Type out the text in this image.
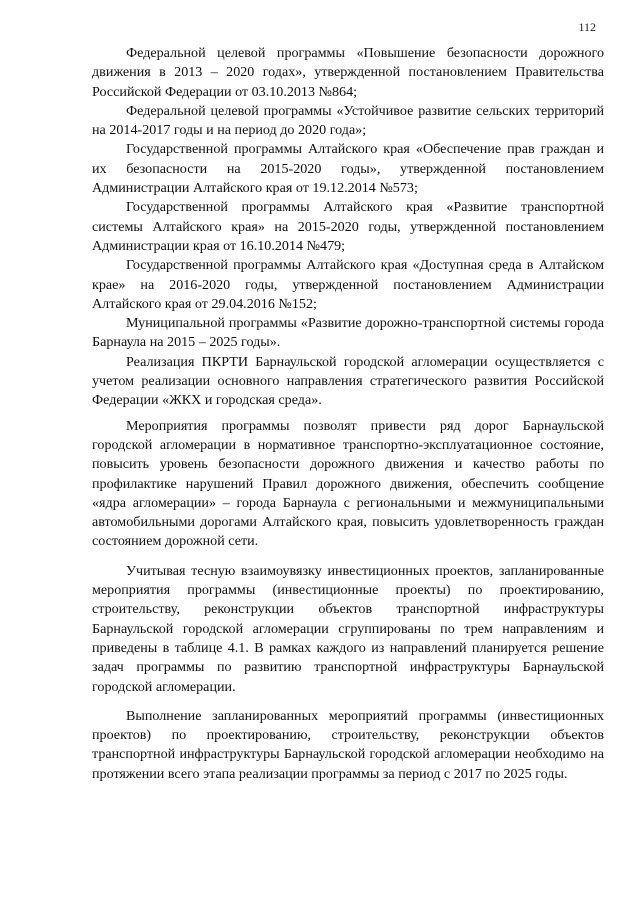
112

Федеральной целевой программы «Повышение безопасности дорожного движения в 2013 – 2020 годах», утвержденной постановлением Правительства Российской Федерации от 03.10.2013 №864;

Федеральной целевой программы «Устойчивое развитие сельских территорий на 2014-2017 годы и на период до 2020 года»;

Государственной программы Алтайского края «Обеспечение прав граждан и их безопасности на 2015-2020 годы», утвержденной постановлением Администрации Алтайского края от 19.12.2014 №573;

Государственной программы Алтайского края «Развитие транспортной системы Алтайского края» на 2015-2020 годы, утвержденной постановлением Администрации края от 16.10.2014 №479;

Государственной программы Алтайского края «Доступная среда в Алтайском крае» на 2016-2020 годы, утвержденной постановлением Администрации Алтайского края от 29.04.2016 №152;

Муниципальной программы «Развитие дорожно-транспортной системы города Барнаула на 2015 – 2025 годы».

Реализация ПКРТИ Барнаульской городской агломерации осуществляется с учетом реализации основного направления стратегического развития Российской Федерации «ЖКХ и городская среда».

Мероприятия программы позволят привести ряд дорог Барнаульской городской агломерации в нормативное транспортно-эксплуатационное состояние, повысить уровень безопасности дорожного движения и качество работы по профилактике нарушений Правил дорожного движения, обеспечить сообщение «ядра агломерации» – города Барнаула с региональными и межмуниципальными автомобильными дорогами Алтайского края, повысить удовлетворенность граждан состоянием дорожной сети.

Учитывая тесную взаимоувязку инвестиционных проектов, запланированные мероприятия программы (инвестиционные проекты) по проектированию, строительству, реконструкции объектов транспортной инфраструктуры Барнаульской городской агломерации сгруппированы по трем направлениям и приведены в таблице 4.1. В рамках каждого из направлений планируется решение задач программы по развитию транспортной инфраструктуры Барнаульской городской агломерации.

Выполнение запланированных мероприятий программы (инвестиционных проектов) по проектированию, строительству, реконструкции объектов транспортной инфраструктуры Барнаульской городской агломерации необходимо на протяжении всего этапа реализации программы за период с 2017 по 2025 годы.
